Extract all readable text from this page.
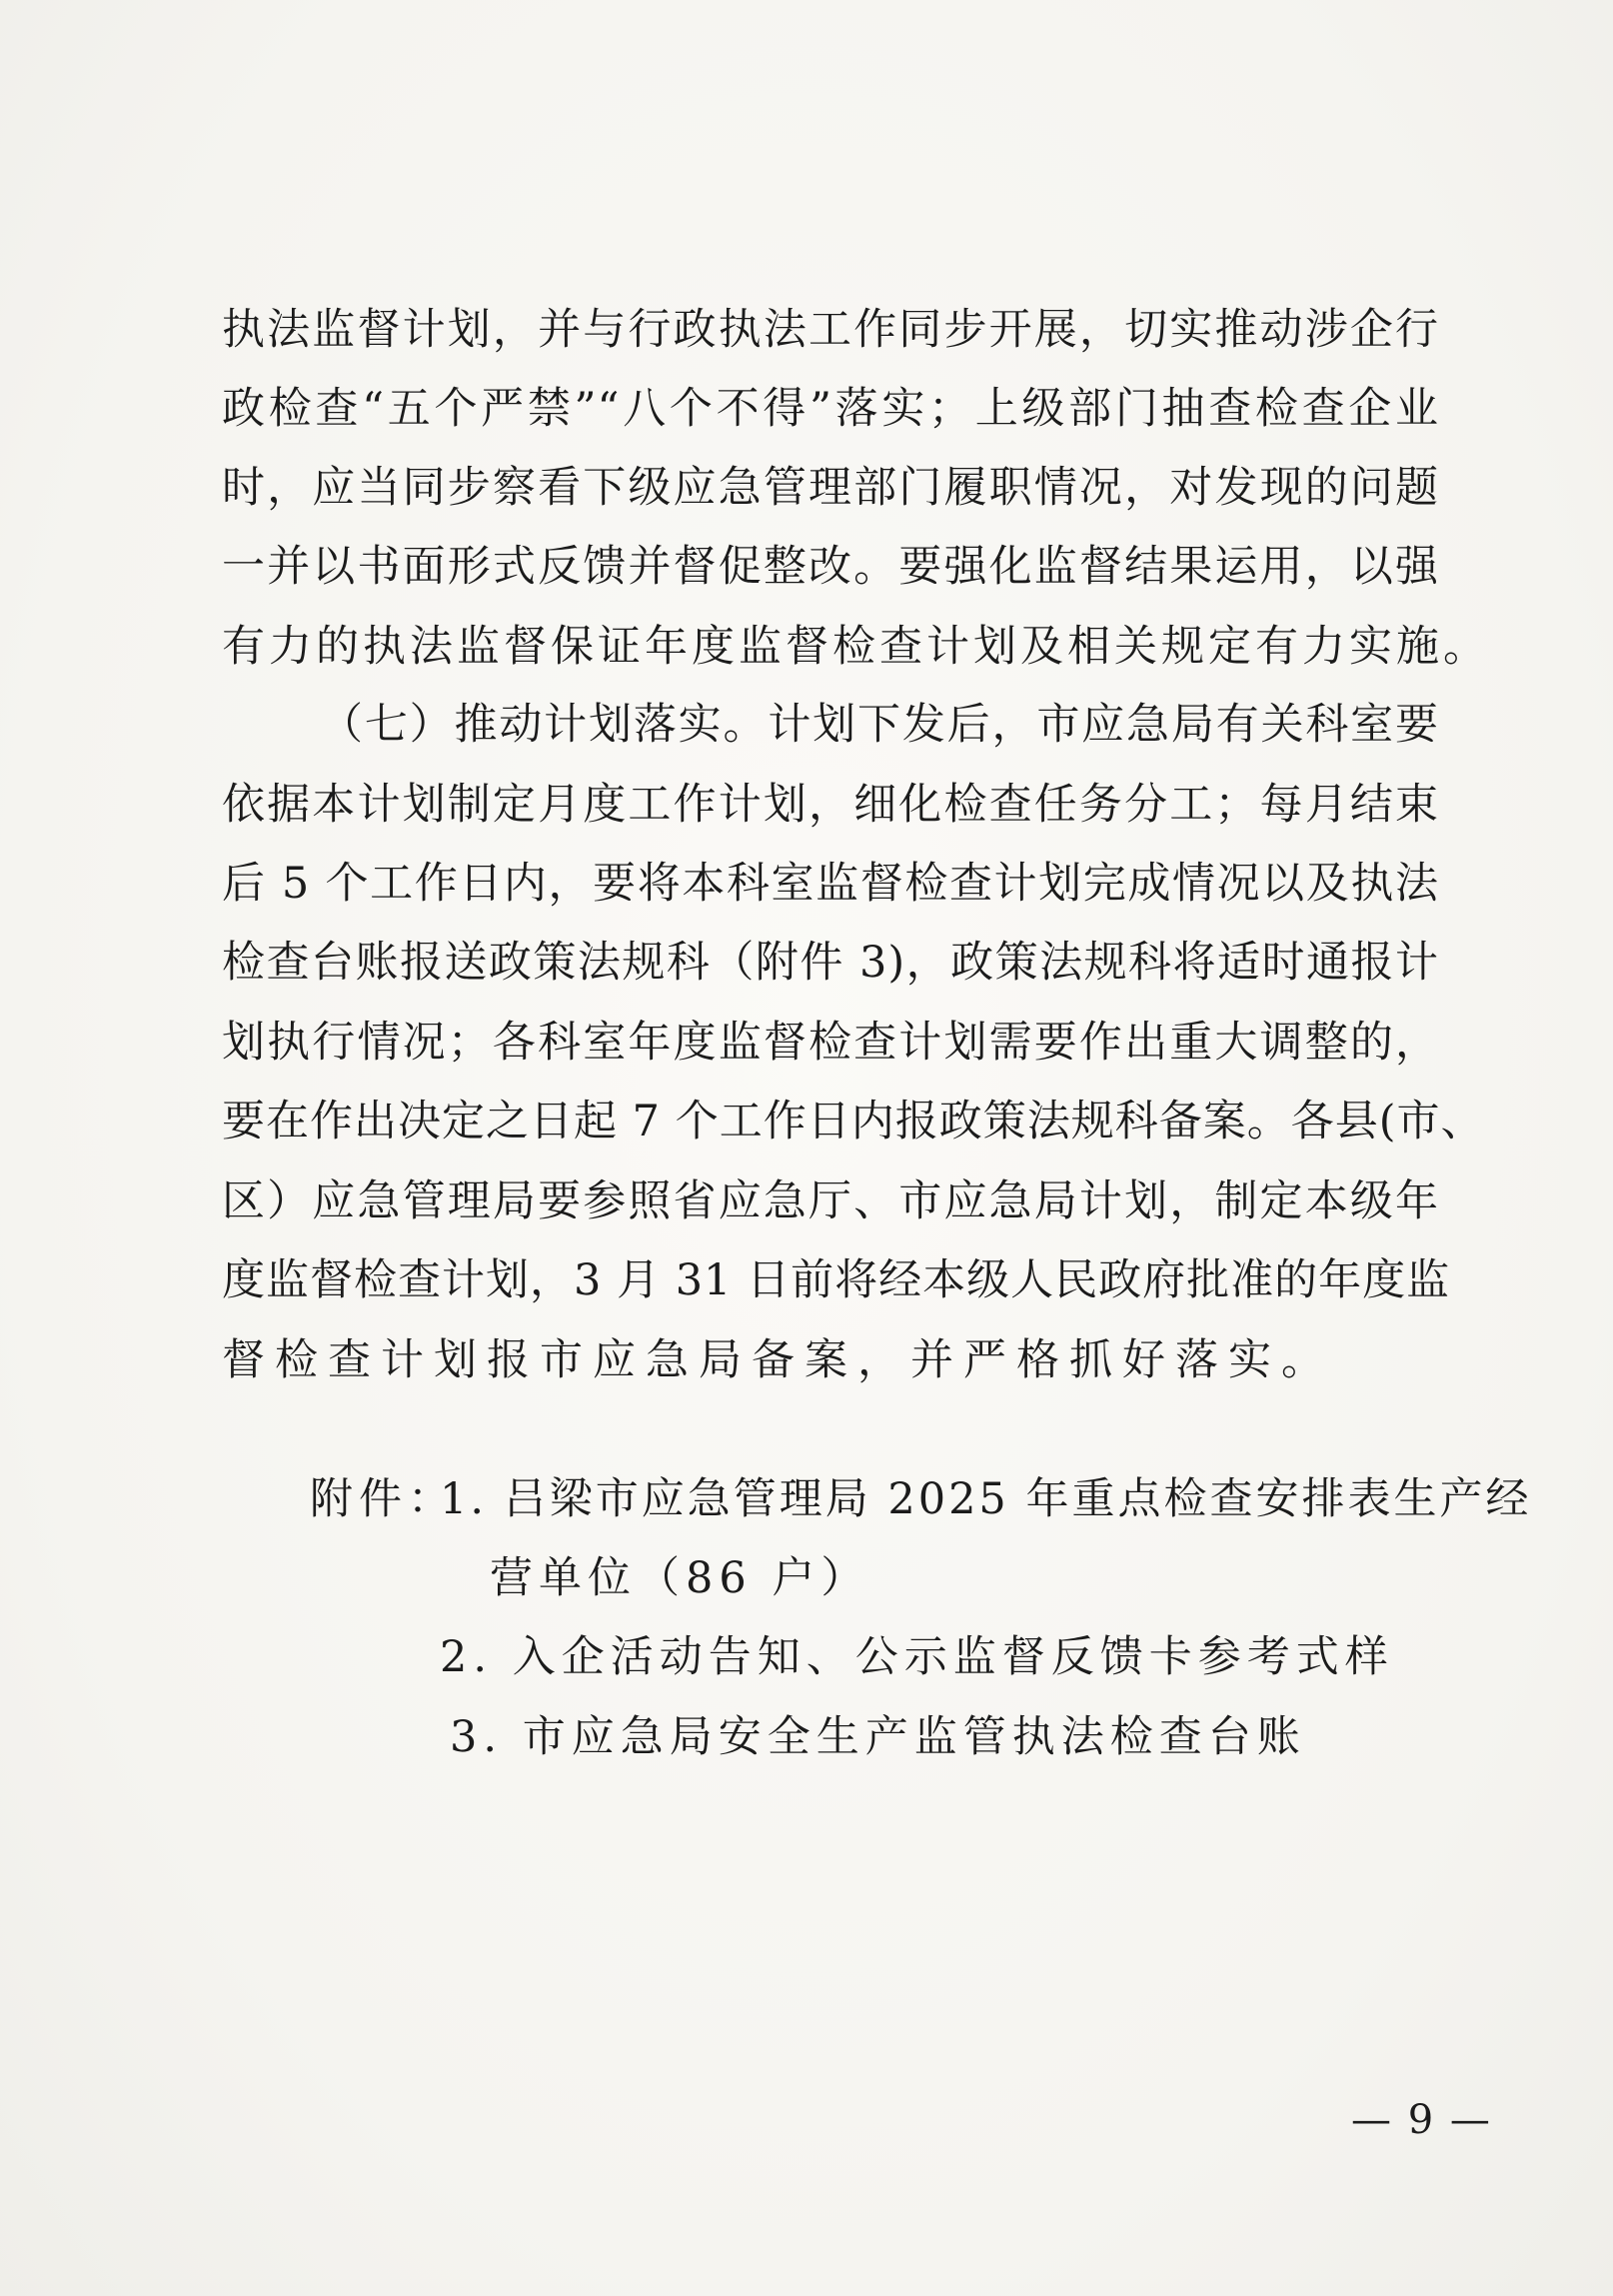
执法监督计划，并与行政执法工作同步开展，切实推动涉企行
政检查“五个严禁”“八个不得”落实；上级部门抽查检查企业
时，应当同步察看下级应急管理部门履职情况，对发现的问题
一并以书面形式反馈并督促整改。要强化监督结果运用，以强
有力的执法监督保证年度监督检查计划及相关规定有力实施。
（七）推动计划落实。计划下发后，市应急局有关科室要
依据本计划制定月度工作计划，细化检查任务分工；每月结束
后 5 个工作日内，要将本科室监督检查计划完成情况以及执法
检查台账报送政策法规科（附件 3)，政策法规科将适时通报计
划执行情况；各科室年度监督检查计划需要作出重大调整的，
要在作出决定之日起 7 个工作日内报政策法规科备案。各县(市、
区）应急管理局要参照省应急厅、市应急局计划，制定本级年
度监督检查计划，3 月 31 日前将经本级人民政府批准的年度监
督检查计划报市应急局备案，并严格抓好落实。
附件：
1. 吕梁市应急管理局 2025 年重点检查安排表生产经
营单位（86 户）
2. 入企活动告知、公示监督反馈卡参考式样
3. 市应急局安全生产监管执法检查台账
— 9 —
